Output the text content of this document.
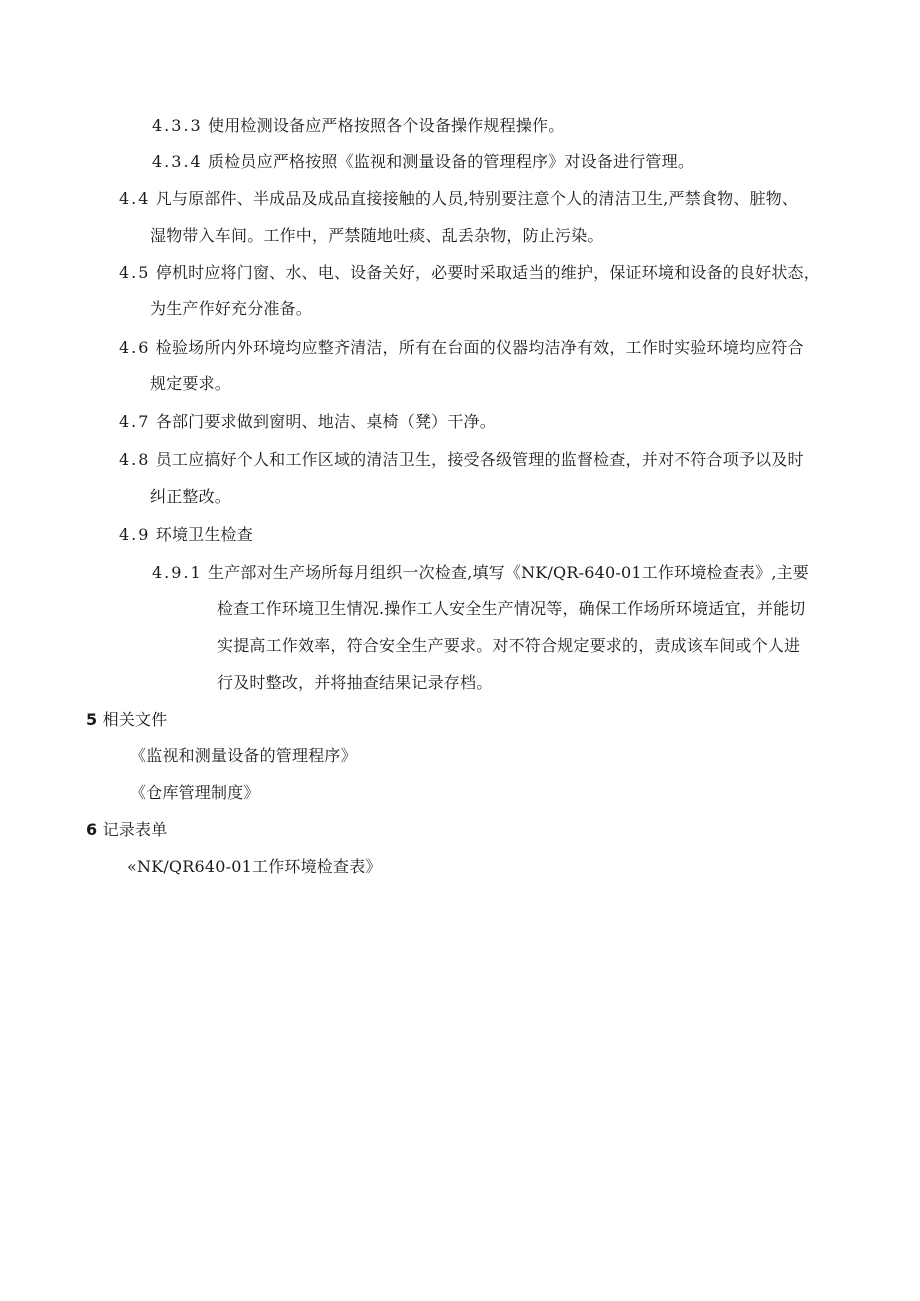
4.3.3 使用检测设备应严格按照各个设备操作规程操作。
4.3.4 质检员应严格按照《监视和测量设备的管理程序》对设备进行管理。
4.4 凡与原部件、半成品及成品直接接触的人员,特别要注意个人的清洁卫生,严禁食物、脏物、
湿物带入车间。工作中，严禁随地吐痰、乱丢杂物，防止污染。
4.5 停机时应将门窗、水、电、设备关好，必要时采取适当的维护，保证环境和设备的良好状态，
为生产作好充分准备。
4.6 检验场所内外环境均应整齐清洁，所有在台面的仪器均洁净有效，工作时实验环境均应符合
规定要求。
4.7 各部门要求做到窗明、地洁、桌椅（凳）干净。
4.8 员工应搞好个人和工作区域的清洁卫生，接受各级管理的监督检查，并对不符合项予以及时
纠正整改。
4.9 环境卫生检查
4.9.1 生产部对生产场所每月组织一次检查,填写《NK/QR-640-01工作环境检查表》,主要
检查工作环境卫生情况.操作工人安全生产情况等，确保工作场所环境适宜，并能切
实提高工作效率，符合安全生产要求。对不符合规定要求的，责成该车间或个人进
行及时整改，并将抽查结果记录存档。
5 相关文件
《监视和测量设备的管理程序》
《仓库管理制度》
6 记录表单
«NK/QR640-01工作环境检查表》
